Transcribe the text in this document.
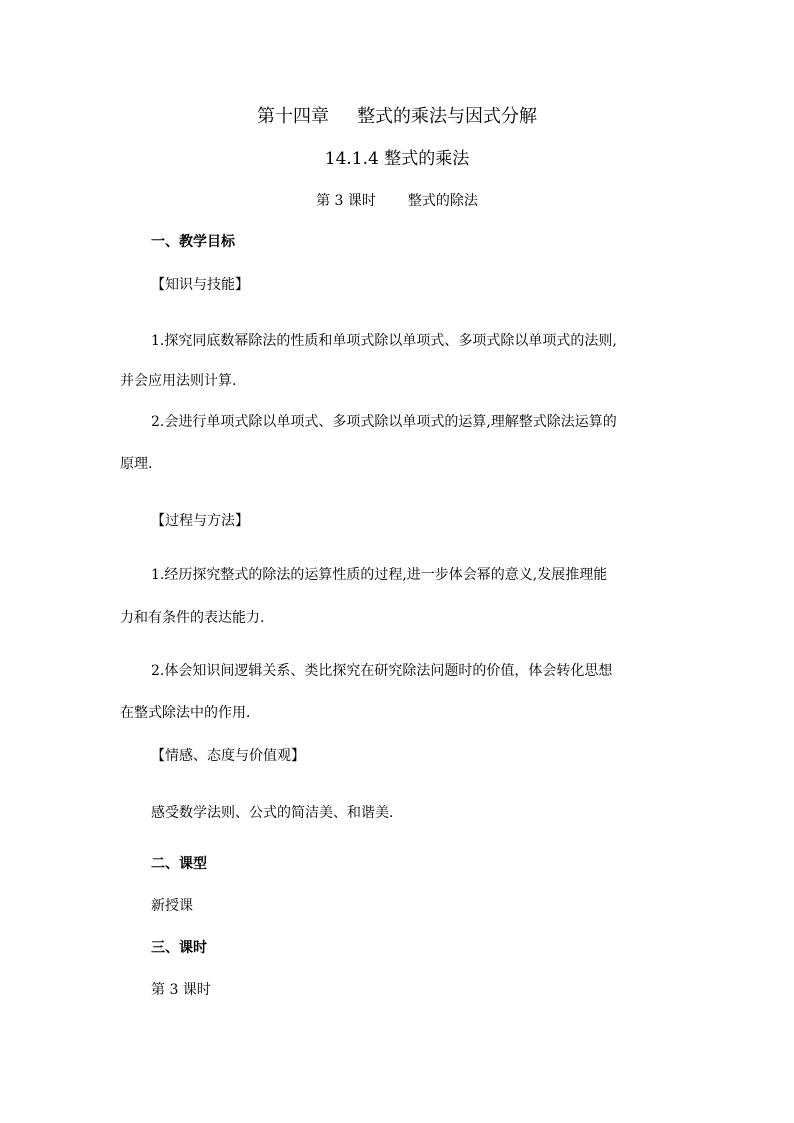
第十四章 整式的乘法与因式分解
14.1.4 整式的乘法
第 3 课时 整式的除法
一、教学目标
【知识与技能】
1.探究同底数幂除法的性质和单项式除以单项式、多项式除以单项式的法则,
并会应用法则计算.
2.会进行单项式除以单项式、多项式除以单项式的运算,理解整式除法运算的
原理.
【过程与方法】
1.经历探究整式的除法的运算性质的过程,进一步体会幂的意义,发展推理能
力和有条件的表达能力.
2.体会知识间逻辑关系、类比探究在研究除法问题时的价值，体会转化思想
在整式除法中的作用.
【情感、态度与价值观】
感受数学法则、公式的简洁美、和谐美.
二、课型
新授课
三、课时
第 3 课时
